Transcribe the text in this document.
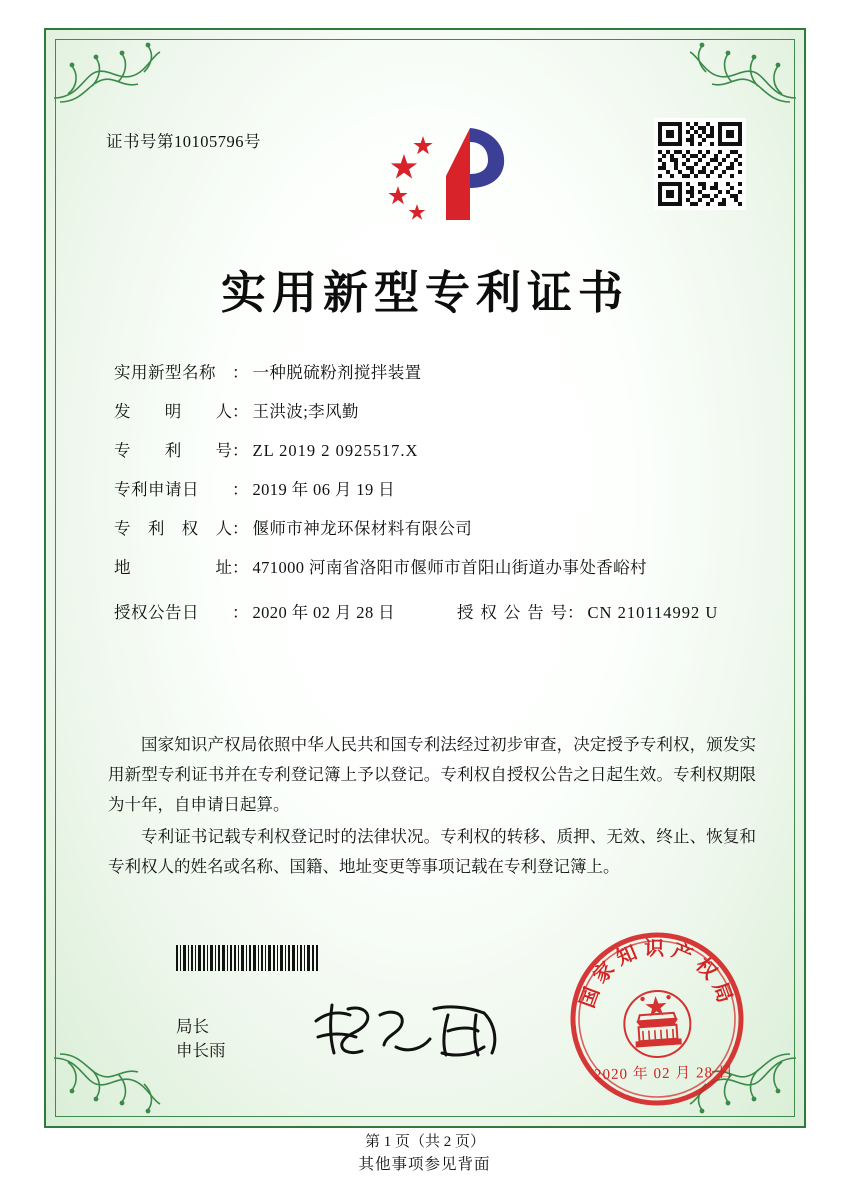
证书号第10105796号
实用新型专利证书
实用新型名称 ： 一种脱硫粉剂搅拌装置
发 明 人 ： 王洪波;李风勤
专 利 号 ： ZL 2019 2 0925517.X
专利申请日	： 2019 年 06 月 19 日
专 利 权 人 ： 偃师市神龙环保材料有限公司
地	址 ： 471000 河南省洛阳市偃师市首阳山街道办事处香峪村
授权公告日	： 2020 年 02 月 28 日	授 权 公 告 号 ： CN 210114992 U

国家知识产权局依照中华人民共和国专利法经过初步审查，决定授予专利权，颁发实用新型专利证书并在专利登记簿上予以登记。专利权自授权公告之日起生效。专利权期限为十年，自申请日起算。

专利证书记载专利权登记时的法律状况。专利权的转移、质押、无效、终止、恢复和专利权人的姓名或名称、国籍、地址变更等事项记载在专利登记簿上。

局长
申长雨
国家知识产权局
2020 年 02 月 28 日
第 1 页（共 2 页）
其他事项参见背面
